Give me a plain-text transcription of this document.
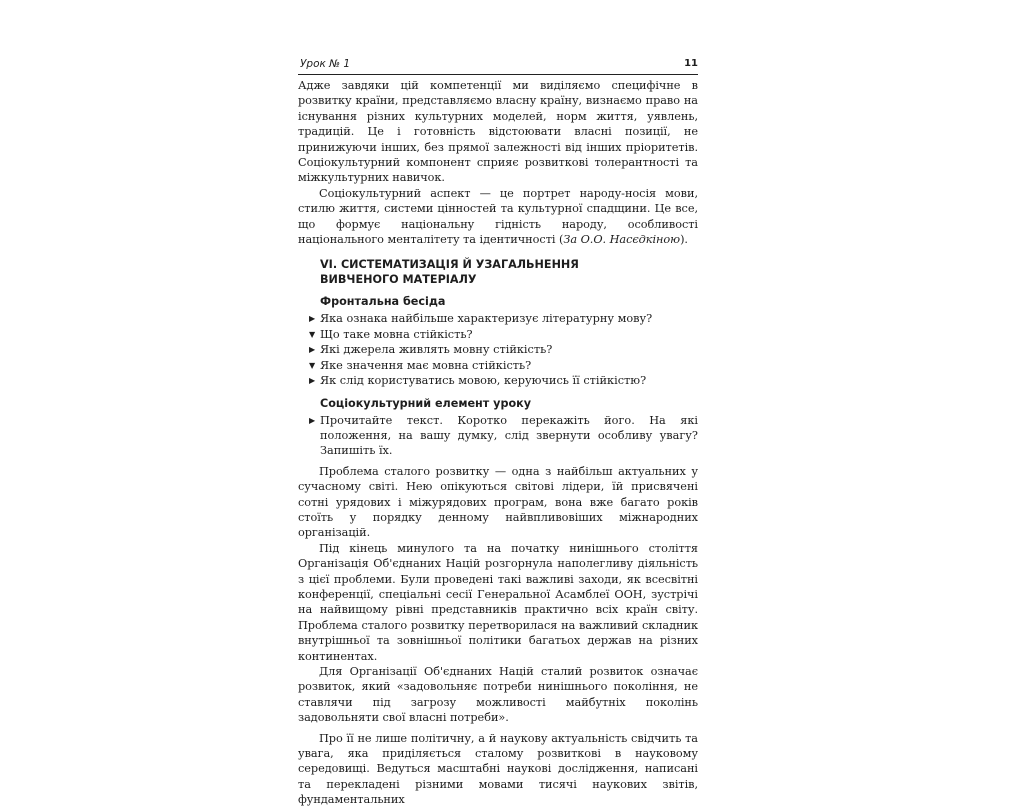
Урок № 1	11

Адже завдяки цій компетенції ми виділяємо специфічне в розвитку країни, представляємо власну країну, визнаємо право на існування різних культурних моделей, норм життя, уявлень, традицій. Це і готовність відстоювати власні позиції, не принижуючи інших, без прямої залежності від інших пріоритетів. Соціокультурний компонент сприяє розвиткові толерантності та міжкультурних навичок.

Соціокультурний аспект — це портрет народу-носія мови, стилю життя, системи цінностей та культурної спадщини. Це все, що формує національну гідність народу, особливості національного менталітету та ідентичності (За О.О. Насєдкіною).

VI. СИСТЕМАТИЗАЦІЯ Й УЗАГАЛЬНЕННЯ
ВИВЧЕНОГО МАТЕРІАЛУ
Фронтальна бесіда
▶ Яка ознака найбільше характеризує літературну мову?
▼ Що таке мовна стійкість?
▶ Які джерела живлять мовну стійкість?
▼ Яке значення має мовна стійкість?
▶ Як слід користуватись мовою, керуючись її стійкістю?
Соціокультурний елемент уроку
▶ Прочитайте текст. Коротко перекажіть його. На які положення, на вашу думку, слід звернути особливу увагу? Запишіть їх.

Проблема сталого розвитку — одна з найбільш актуальних у сучасному світі. Нею опікуються світові лідери, їй присвячені сотні урядових і міжурядових програм, вона вже багато років стоїть у порядку денному найвпливовіших міжнародних організацій.

Під кінець минулого та на початку нинішнього століття Організація Об'єднаних Націй розгорнула наполегливу діяльність з цієї проблеми. Були проведені такі важливі заходи, як всесвітні конференції, спеціальні сесії Генеральної Асамблеї ООН, зустрічі на найвищому рівні представників практично всіх країн світу. Проблема сталого розвитку перетворилася на важливий складник внутрішньої та зовнішньої політики багатьох держав на різних континентах.

Для Організації Об'єднаних Націй сталий розвиток означає розвиток, який «задовольняє потреби нинішнього покоління, не ставлячи під загрозу можливості майбутніх поколінь задовольняти свої власні потреби».

Про її не лише політичну, а й наукову актуальність свідчить та увага, яка приділяється сталому розвиткові в науковому середовищі. Ведуться масштабні наукові дослідження, написані та перекладені різними мовами тисячі наукових звітів, фундаментальних
